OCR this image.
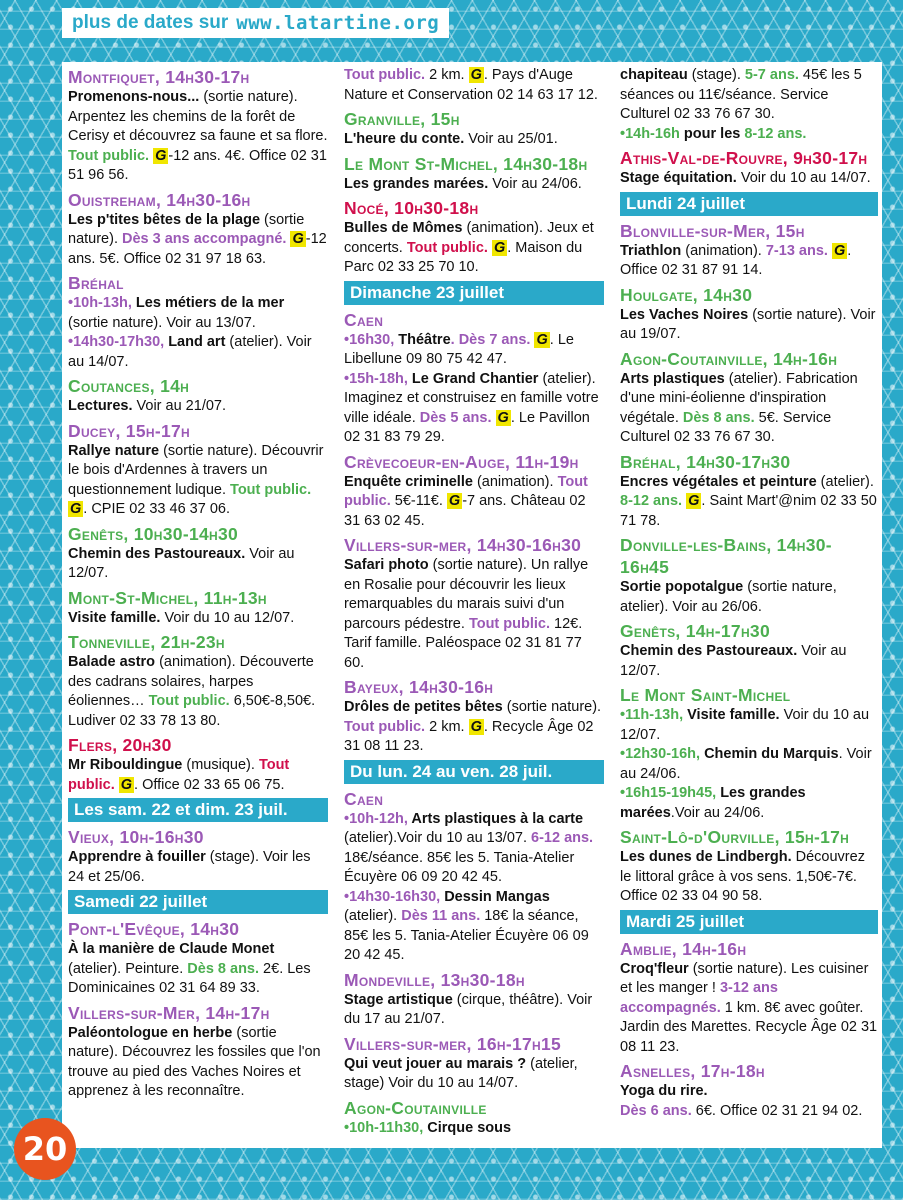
plus de dates sur www.latartine.org
Montfiquet, 14h30-17h

Promenons-nous... (sortie nature). Arpentez les chemins de la forêt de Cerisy et découvrez sa faune et sa flore. Tout public. G -12 ans. 4€. Office 02 31 51 96 56.

Ouistreham, 14h30-16h

Les p'tites bêtes de la plage (sortie nature). Dès 3 ans accompagné. G -12 ans. 5€. Office 02 31 97 18 63.

Bréhal

•10h-13h, Les métiers de la mer (sortie nature). Voir au 13/07.

•14h30-17h30, Land art (atelier). Voir au 14/07.

Coutances, 14h

Lectures. Voir au 21/07.

Ducey, 15h-17h

Rallye nature (sortie nature). Découvrir le bois d'Ardennes à travers un questionnement ludique. Tout public. G . CPIE 02 33 46 37 06.

Genêts, 10h30-14h30

Chemin des Pastoureaux. Voir au 12/07.

Mont-St-Michel, 11h-13h

Visite famille. Voir du 10 au 12/07.

Tonneville, 21h-23h

Balade astro (animation). Découverte des cadrans solaires, harpes éoliennes… Tout public. 6,50€-8,50€. Ludiver 02 33 78 13 80.

Flers, 20h30

Mr Ribouldingue (musique). Tout public. G . Office 02 33 65 06 75.

Les sam. 22 et dim. 23 juil.
Vieux, 10h-16h30

Apprendre à fouiller (stage). Voir les 24 et 25/06.

Samedi 22 juillet
Pont-l'Evêque, 14h30

À la manière de Claude Monet (atelier). Peinture. Dès 8 ans. 2€. Les Dominicaines 02 31 64 89 33.

Villers-sur-Mer, 14h-17h

Paléontologue en herbe (sortie nature). Découvrez les fossiles que l'on trouve au pied des Vaches Noires et apprenez à les reconnaître.

Tout public. 2 km. G . Pays d'Auge Nature et Conservation 02 14 63 17 12.

Granville, 15h

L'heure du conte. Voir au 25/01.

Le Mont St-Michel, 14h30-18h

Les grandes marées. Voir au 24/06.

Nocé, 10h30-18h

Bulles de Mômes (animation). Jeux et concerts. Tout public. G . Maison du Parc 02 33 25 70 10.

Dimanche 23 juillet
Caen

•16h30, Théâtre. Dès 7 ans. G . Le Libellune 09 80 75 42 47.

•15h-18h, Le Grand Chantier (atelier). Imaginez et construisez en famille votre ville idéale. Dès 5 ans. G . Le Pavillon 02 31 83 79 29.

Crèvecoeur-en-Auge, 11h-19h

Enquête criminelle (animation). Tout public. 5€-11€. G -7 ans. Château 02 31 63 02 45.

Villers-sur-mer, 14h30-16h30

Safari photo (sortie nature). Un rallye en Rosalie pour découvrir les lieux remarquables du marais suivi d'un parcours pédestre. Tout public. 12€. Tarif famille. Paléospace 02 31 81 77 60.

Bayeux, 14h30-16h

Drôles de petites bêtes (sortie nature). Tout public. 2 km. G . Recycle Âge 02 31 08 11 23.

Du lun. 24 au ven. 28 juil.
Caen

•10h-12h, Arts plastiques à la carte (atelier).Voir du 10 au 13/07. 6-12 ans. 18€/séance. 85€ les 5. Tania-Atelier Écuyère 06 09 20 42 45.

•14h30-16h30, Dessin Mangas (atelier). Dès 11 ans. 18€ la séance, 85€ les 5. Tania-Atelier Écuyère 06 09 20 42 45.

Mondeville, 13h30-18h

Stage artistique (cirque, théâtre). Voir du 17 au 21/07.

Villers-sur-mer, 16h-17h15

Qui veut jouer au marais ? (atelier, stage) Voir du 10 au 14/07.

Agon-Coutainville

•10h-11h30, Cirque sous

chapiteau (stage). 5-7 ans. 45€ les 5 séances ou 11€/séance. Service Culturel 02 33 76 67 30.

•14h-16h pour les 8-12 ans.

Athis-Val-de-Rouvre, 9h30-17h

Stage équitation. Voir du 10 au 14/07.

Lundi 24 juillet
Blonville-sur-Mer, 15h

Triathlon (animation). 7-13 ans. G . Office 02 31 87 91 14.

Houlgate, 14h30

Les Vaches Noires (sortie nature). Voir au 19/07.

Agon-Coutainville, 14h-16h

Arts plastiques (atelier). Fabrication d'une mini-éolienne d'inspiration végétale. Dès 8 ans. 5€. Service Culturel 02 33 76 67 30.

Bréhal, 14h30-17h30

Encres végétales et peinture (atelier). 8-12 ans. G . Saint Mart'@nim 02 33 50 71 78.

Donville-les-Bains, 14h30-16h45

Sortie popotalgue (sortie nature, atelier). Voir au 26/06.

Genêts, 14h-17h30

Chemin des Pastoureaux. Voir au 12/07.

Le Mont Saint-Michel

•11h-13h, Visite famille. Voir du 10 au 12/07.

•12h30-16h, Chemin du Marquis. Voir au 24/06.

•16h15-19h45, Les grandes marées.Voir au 24/06.

Saint-Lô-d'Ourville, 15h-17h

Les dunes de Lindbergh. Découvrez le littoral grâce à vos sens. 1,50€-7€. Office 02 33 04 90 58.

Mardi 25 juillet
Amblie, 14h-16h

Croq'fleur (sortie nature). Les cuisiner et les manger ! 3-12 ans accompagnés. 1 km. 8€ avec goûter. Jardin des Marettes. Recycle Âge 02 31 08 11 23.

Asnelles, 17h-18h

Yoga du rire.

Dès 6 ans. 6€. Office 02 31 21 94 02.

20
